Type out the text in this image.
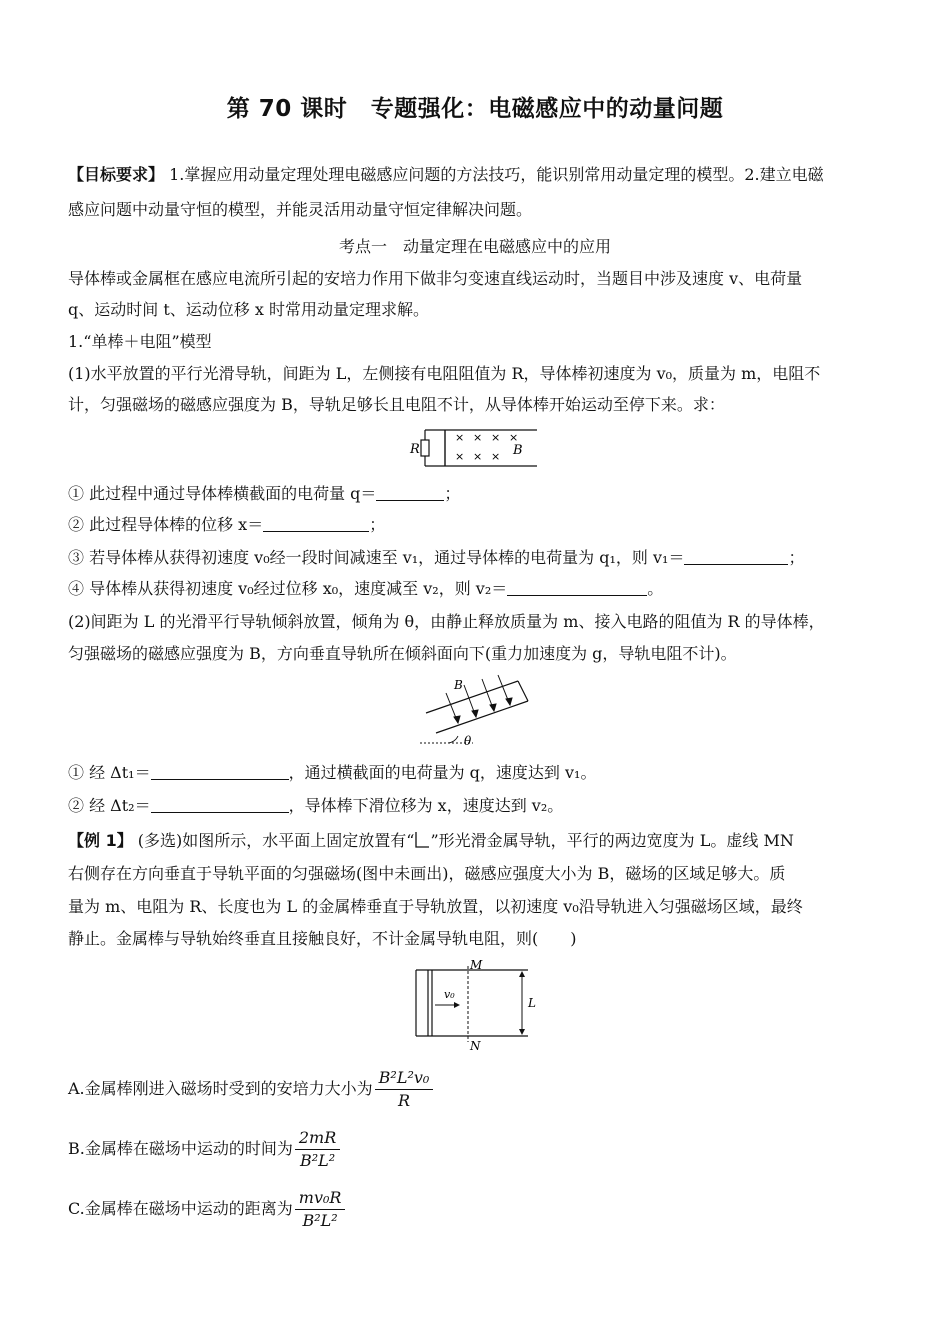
第 70 课时　专题强化：电磁感应中的动量问题
【目标要求】 1.掌握应用动量定理处理电磁感应问题的方法技巧，能识别常用动量定理的模型。2.建立电磁
感应问题中动量守恒的模型，并能灵活用动量守恒定律解决问题。
考点一　动量定理在电磁感应中的应用
导体棒或金属框在感应电流所引起的安培力作用下做非匀变速直线运动时，当题目中涉及速度 v、电荷量
q、运动时间 t、运动位移 x 时常用动量定理求解。
1.“单棒＋电阻”模型
(1)水平放置的平行光滑导轨，间距为 L，左侧接有电阻阻值为 R，导体棒初速度为 v₀，质量为 m，电阻不
计，匀强磁场的磁感应强度为 B，导轨足够长且电阻不计，从导体棒开始运动至停下来。求：
R
× × × ×
× × × B
① 此过程中通过导体棒横截面的电荷量 q＝	；
② 此过程导体棒的位移 x＝	；
③ 若导体棒从获得初速度 v₀经一段时间减速至 v₁，通过导体棒的电荷量为 q₁，则 v₁＝	；
④ 导体棒从获得初速度 v₀经过位移 x₀，速度减至 v₂，则 v₂＝	。
(2)间距为 L 的光滑平行导轨倾斜放置，倾角为 θ，由静止释放质量为 m、接入电路的阻值为 R 的导体棒，
匀强磁场的磁感应强度为 B，方向垂直导轨所在倾斜面向下(重力加速度为 g，导轨电阻不计)。
θ
B
① 经 Δt₁＝	，通过横截面的电荷量为 q，速度达到 v₁。
② 经 Δt₂＝	，导体棒下滑位移为 x，速度达到 v₂。
【例 1】 (多选)如图所示，水平面上固定放置有“ ”形光滑金属导轨，平行的两边宽度为 L。虚线 MN
右侧存在方向垂直于导轨平面的匀强磁场(图中未画出)，磁感应强度大小为 B，磁场的区域足够大。质
量为 m、电阻为 R、长度也为 L 的金属棒垂直于导轨放置，以初速度 v₀沿导轨进入匀强磁场区域，最终
静止。金属棒与导轨始终垂直且接触良好，不计金属导轨电阻，则(　　)
M
N
v₀
L
A.金属棒刚进入磁场时受到的安培力大小为 $\frac{\text{B²L²v₀}}{R}$
B.金属棒在磁场中运动的时间为 $\frac{2mR}{\text{B²L²}}$
C.金属棒在磁场中运动的距离为 $\frac{\text{mv₀R}}{\text{B²L²}}$
